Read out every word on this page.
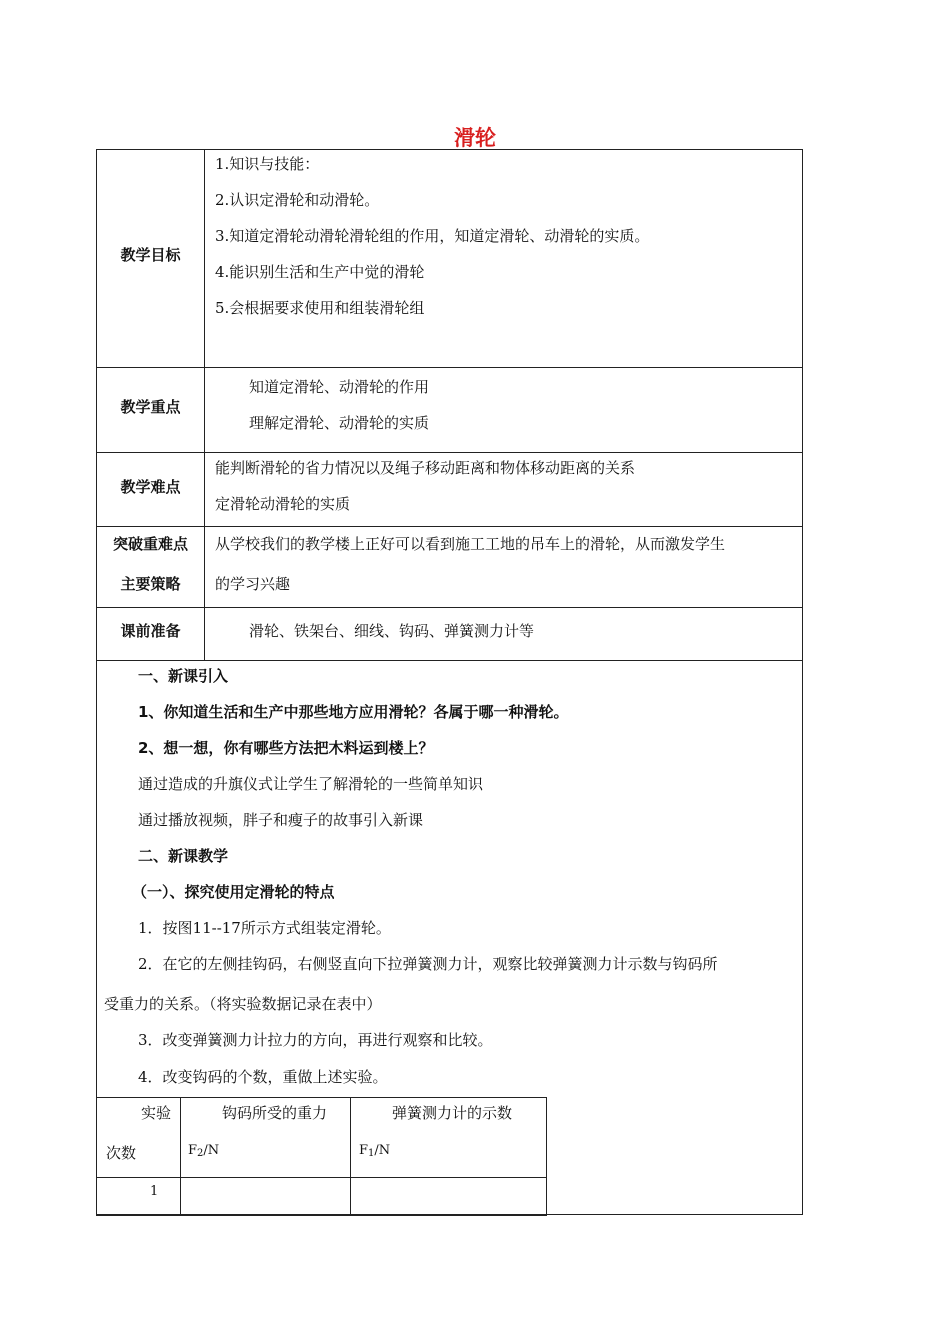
滑轮
教学目标
1.知识与技能：
2.认识定滑轮和动滑轮。
3.知道定滑轮动滑轮滑轮组的作用，知道定滑轮、动滑轮的实质。
4.能识别生活和生产中觉的滑轮
5.会根据要求使用和组装滑轮组
教学重点
知道定滑轮、动滑轮的作用
理解定滑轮、动滑轮的实质
教学难点
能判断滑轮的省力情况以及绳子移动距离和物体移动距离的关系
定滑轮动滑轮的实质
突破重难点
主要策略
从学校我们的教学楼上正好可以看到施工工地的吊车上的滑轮，从而激发学生
的学习兴趣
课前准备	滑轮、铁架台、细线、钩码、弹簧测力计等
一、新课引入
1、你知道生活和生产中那些地方应用滑轮？各属于哪一种滑轮。
2、想一想，你有哪些方法把木料运到楼上？
通过造成的升旗仪式让学生了解滑轮的一些简单知识
通过播放视频，胖子和瘦子的故事引入新课
二、新课教学
（一）、探究使用定滑轮的特点
1．按图11--17所示方式组装定滑轮。
2．在它的左侧挂钩码，右侧竖直向下拉弹簧测力计，观察比较弹簧测力计示数与钩码所
受重力的关系。（将实验数据记录在表中）
3．改变弹簧测力计拉力的方向，再进行观察和比较。
4．改变钩码的个数，重做上述实验。
实验
次数
钩码所受的重力
$F_2/N$
弹簧测力计的示数
$F_1/N$
1
